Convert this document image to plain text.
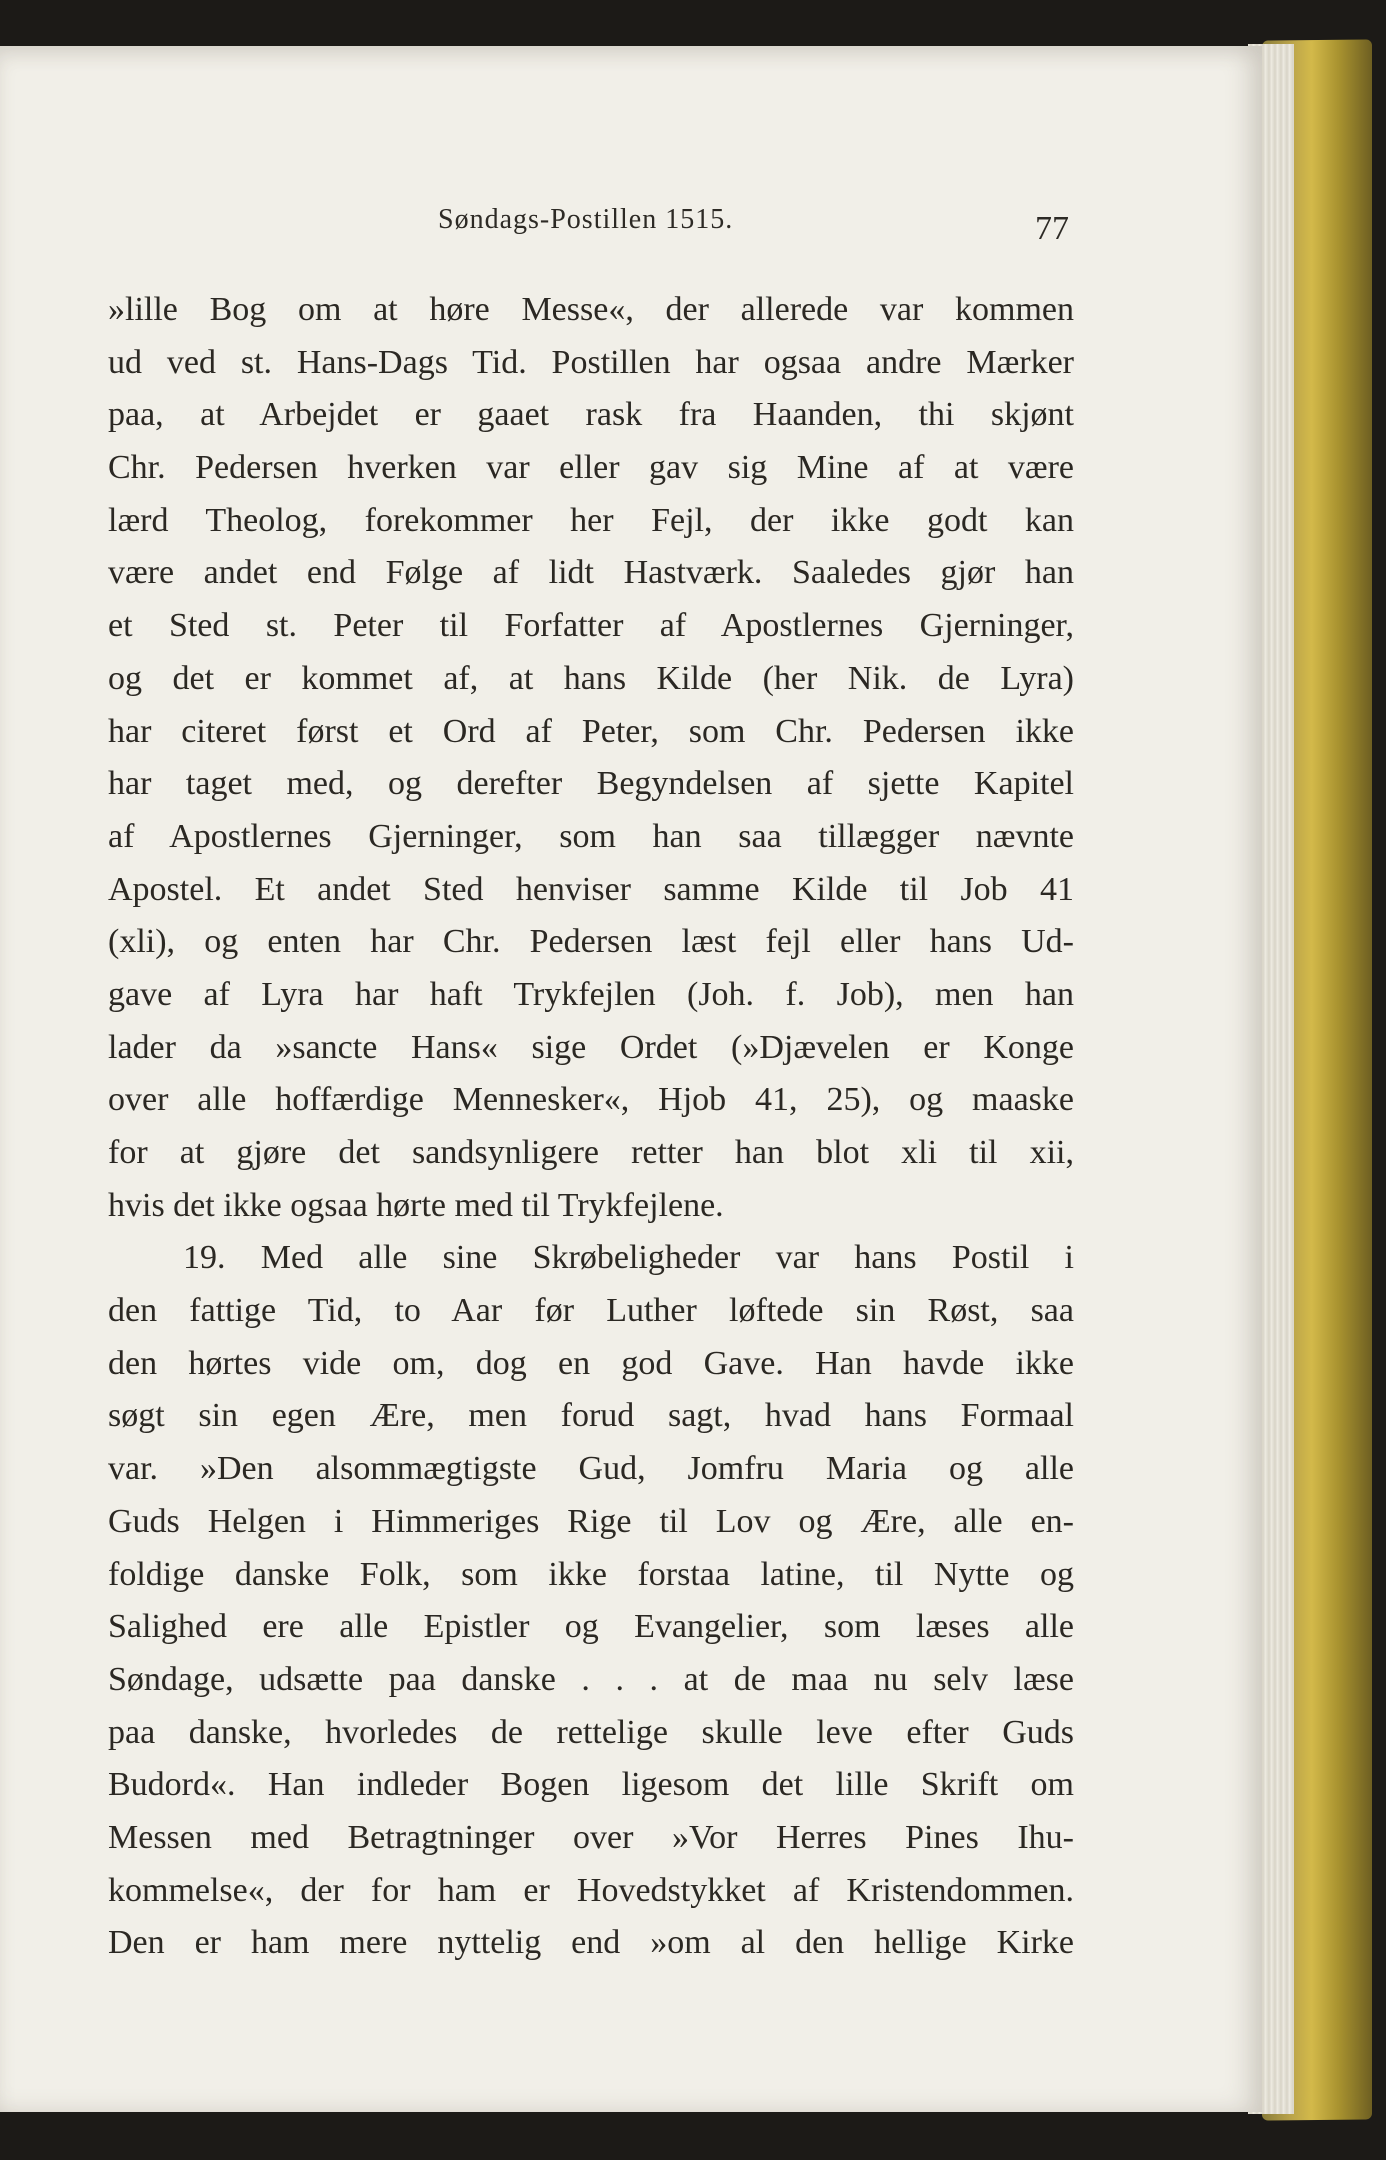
Søndags-Postillen 1515.	77
»lille Bog om at høre Messe«, der allerede var kommen
ud ved st. Hans-Dags Tid. Postillen har ogsaa andre Mærker
paa, at Arbejdet er gaaet rask fra Haanden, thi skjønt
Chr. Pedersen hverken var eller gav sig Mine af at være
lærd Theolog, forekommer her Fejl, der ikke godt kan
være andet end Følge af lidt Hastværk. Saaledes gjør han
et Sted st. Peter til Forfatter af Apostlernes Gjerninger,
og det er kommet af, at hans Kilde (her Nik. de Lyra)
har citeret først et Ord af Peter, som Chr. Pedersen ikke
har taget med, og derefter Begyndelsen af sjette Kapitel
af Apostlernes Gjerninger, som han saa tillægger nævnte
Apostel. Et andet Sted henviser samme Kilde til Job 41
(xli), og enten har Chr. Pedersen læst fejl eller hans Ud-
gave af Lyra har haft Trykfejlen (Joh. f. Job), men han
lader da »sancte Hans« sige Ordet (»Djævelen er Konge
over alle hoffærdige Mennesker«, Hjob 41, 25), og maaske
for at gjøre det sandsynligere retter han blot xli til xii,
hvis det ikke ogsaa hørte med til Trykfejlene.
19. Med alle sine Skrøbeligheder var hans Postil i
den fattige Tid, to Aar før Luther løftede sin Røst, saa
den hørtes vide om, dog en god Gave. Han havde ikke
søgt sin egen Ære, men forud sagt, hvad hans Formaal
var. »Den alsommægtigste Gud, Jomfru Maria og alle
Guds Helgen i Himmeriges Rige til Lov og Ære, alle en-
foldige danske Folk, som ikke forstaa latine, til Nytte og
Salighed ere alle Epistler og Evangelier, som læses alle
Søndage, udsætte paa danske . . . at de maa nu selv læse
paa danske, hvorledes de rettelige skulle leve efter Guds
Budord«. Han indleder Bogen ligesom det lille Skrift om
Messen med Betragtninger over »Vor Herres Pines Ihu-
kommelse«, der for ham er Hovedstykket af Kristendommen.
Den er ham mere nyttelig end »om al den hellige Kirke
